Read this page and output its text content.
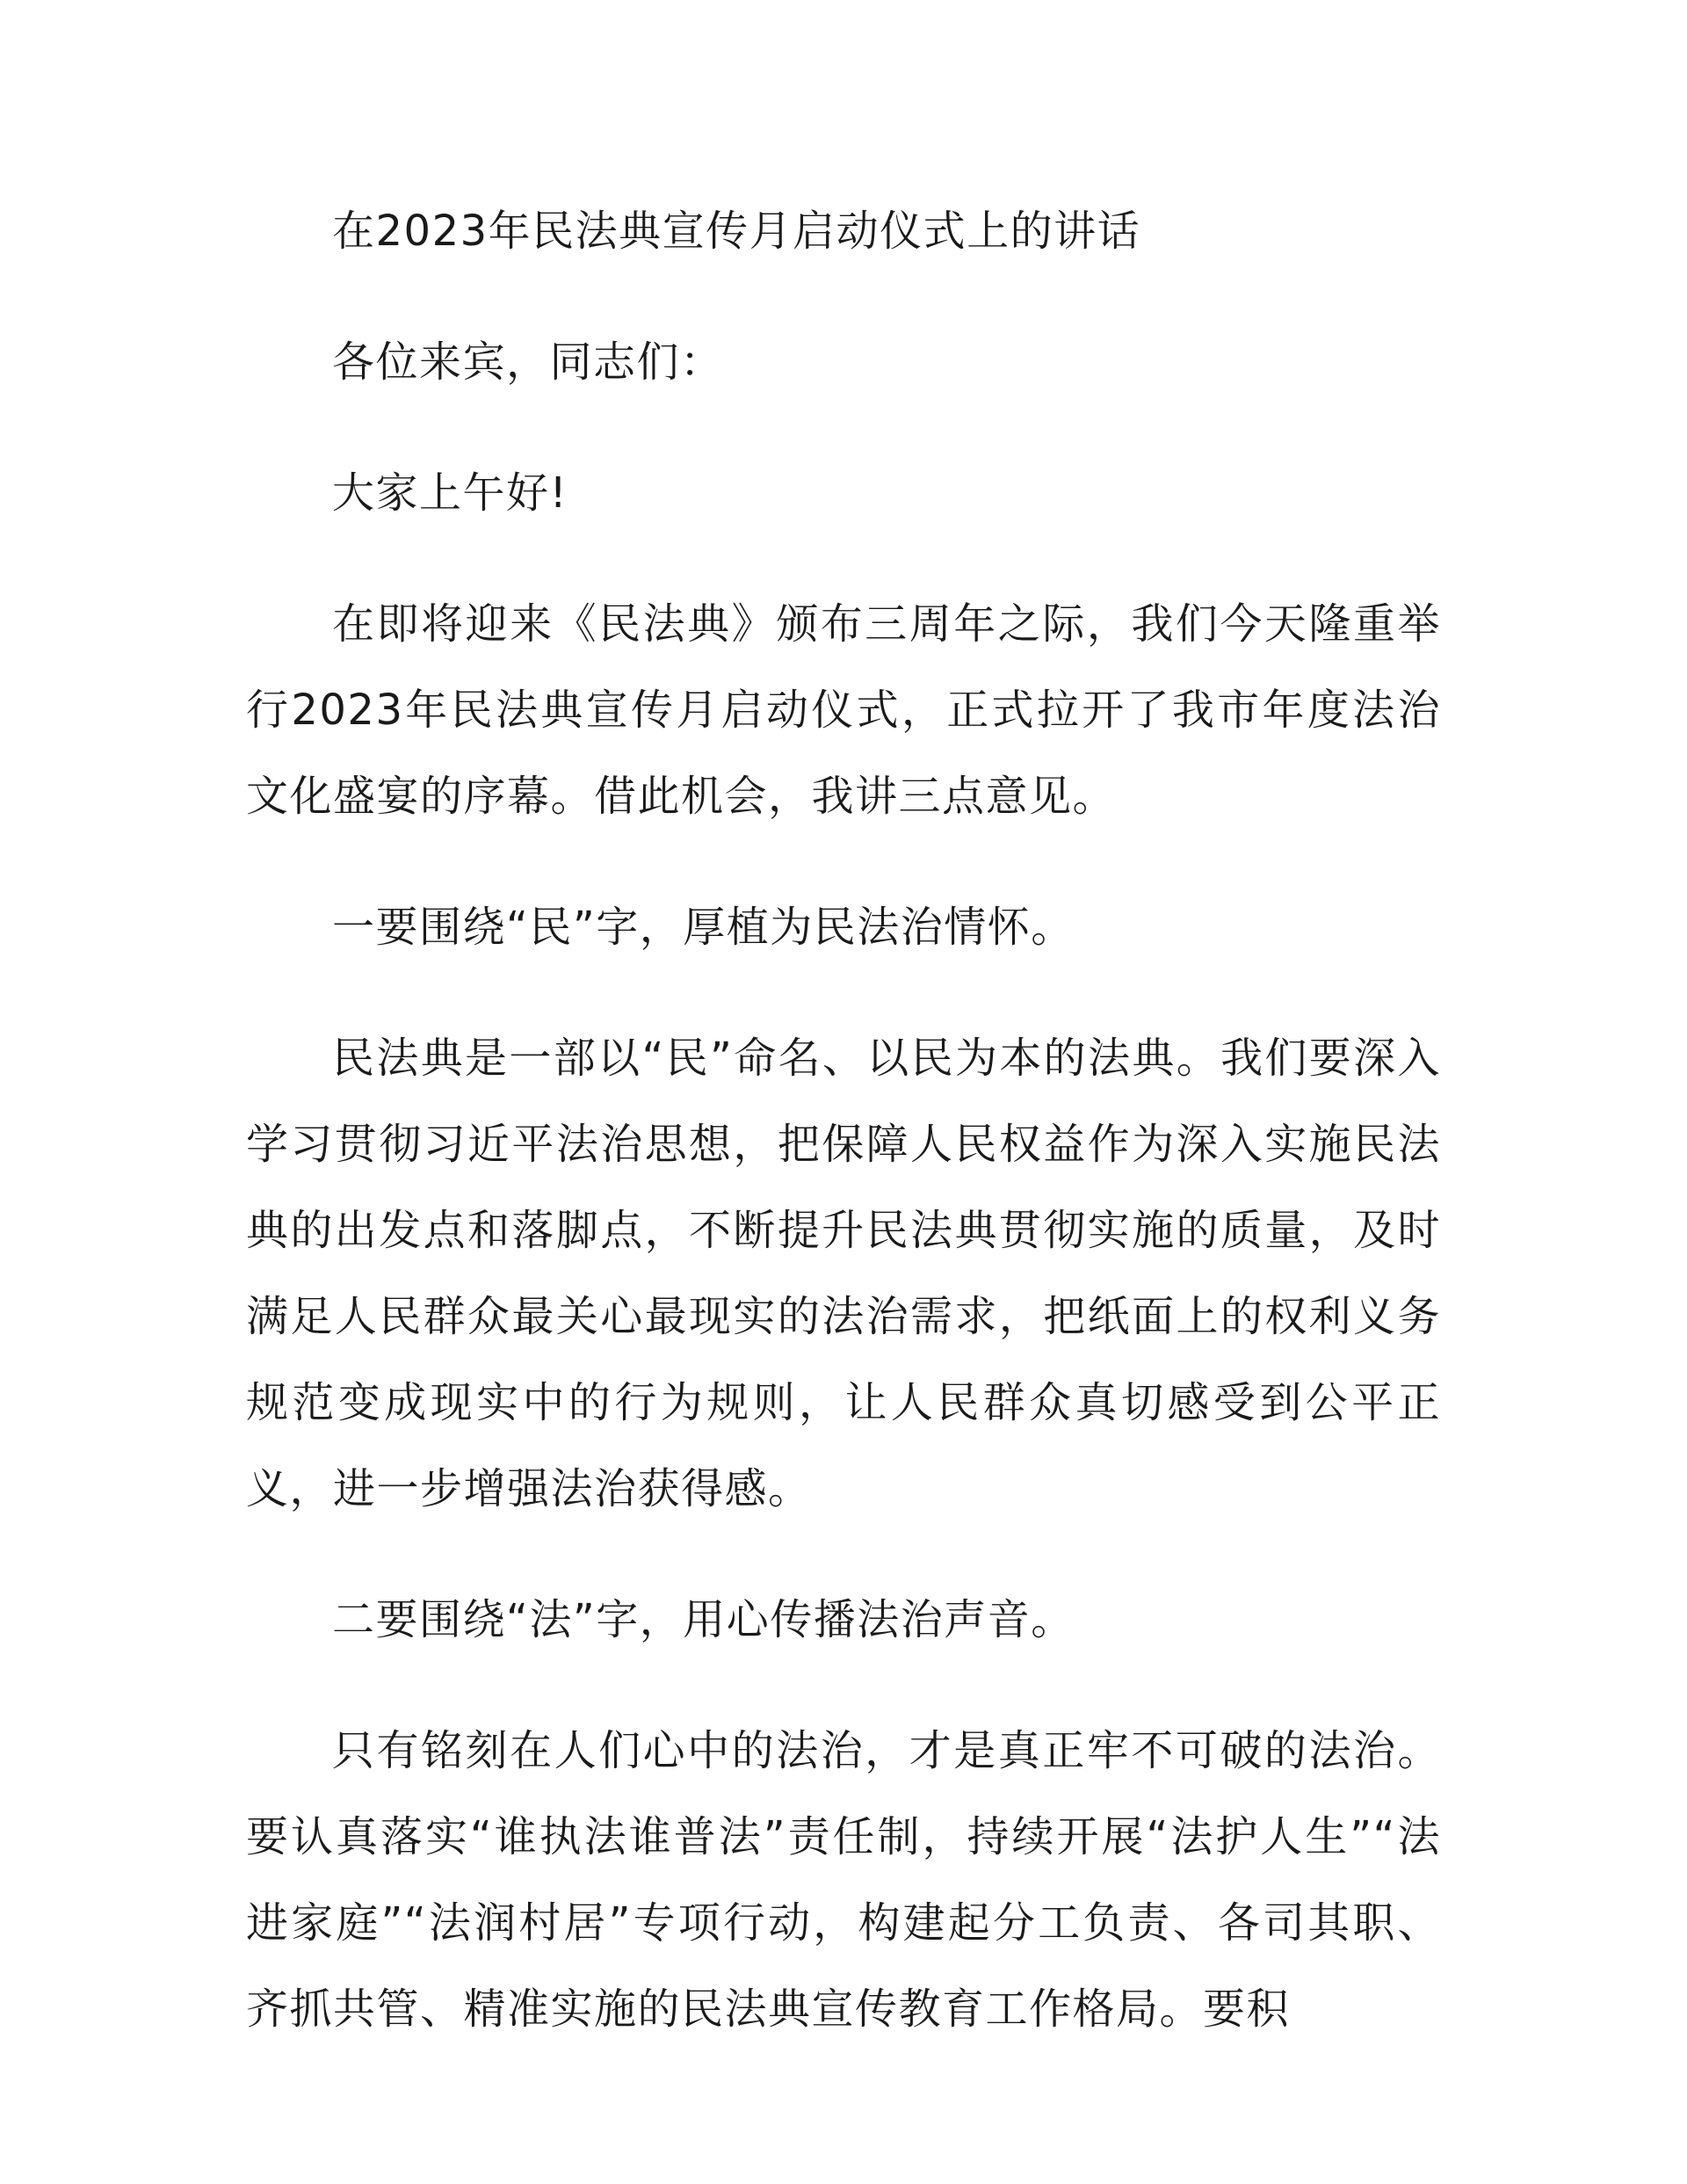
在2023年民法典宣传月启动仪式上的讲话

各位来宾，同志们：

大家上午好!

在即将迎来《民法典》颁布三周年之际，我们今天隆重举行2023年民法典宣传月启动仪式，正式拉开了我市年度法治文化盛宴的序幕。借此机会，我讲三点意见。

一要围绕“民”字，厚植为民法治情怀。

民法典是一部以“民”命名、以民为本的法典。我们要深入学习贯彻习近平法治思想，把保障人民权益作为深入实施民法典的出发点和落脚点，不断提升民法典贯彻实施的质量，及时满足人民群众最关心最现实的法治需求，把纸面上的权利义务规范变成现实中的行为规则，让人民群众真切感受到公平正义，进一步增强法治获得感。

二要围绕“法”字，用心传播法治声音。

只有铭刻在人们心中的法治，才是真正牢不可破的法治。要认真落实“谁执法谁普法”责任制，持续开展“法护人生”“法进家庭”“法润村居”专项行动，构建起分工负责、各司其职、齐抓共管、精准实施的民法典宣传教育工作格局。要积
